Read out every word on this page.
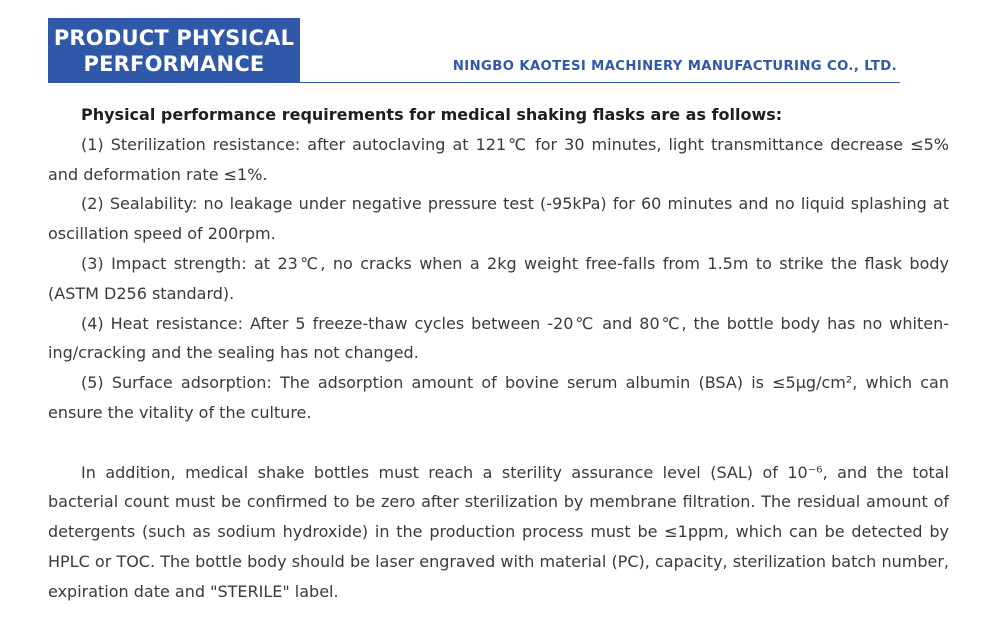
PRODUCT PHYSICAL
PERFORMANCE	NINGBO KAOTESI MACHINERY MANUFACTURING CO., LTD.

Physical performance requirements for medical shaking flasks are as follows:

(1) Sterilization resistance: after autoclaving at 121℃ for 30 minutes, light transmittance decrease ≤5% and deformation rate ≤1%.

(2) Sealability: no leakage under negative pressure test (-95kPa) for 60 minutes and no liquid splashing at oscillation speed of 200rpm.

(3) Impact strength: at 23℃, no cracks when a 2kg weight free-falls from 1.5m to strike the flask body (ASTM D256 standard).

(4) Heat resistance: After 5 freeze-thaw cycles between -20℃ and 80℃, the bottle body has no whiten-ing/cracking and the sealing has not changed.

(5) Surface adsorption: The adsorption amount of bovine serum albumin (BSA) is ≤5μg/cm², which can ensure the vitality of the culture.

In addition, medical shake bottles must reach a sterility assurance level (SAL) of 10⁻⁶, and the total bacterial count must be confirmed to be zero after sterilization by membrane filtration. The residual amount of detergents (such as sodium hydroxide) in the production process must be ≤1ppm, which can be detected by HPLC or TOC. The bottle body should be laser engraved with material (PC), capacity, sterilization batch number, expiration date and "STERILE" label.
